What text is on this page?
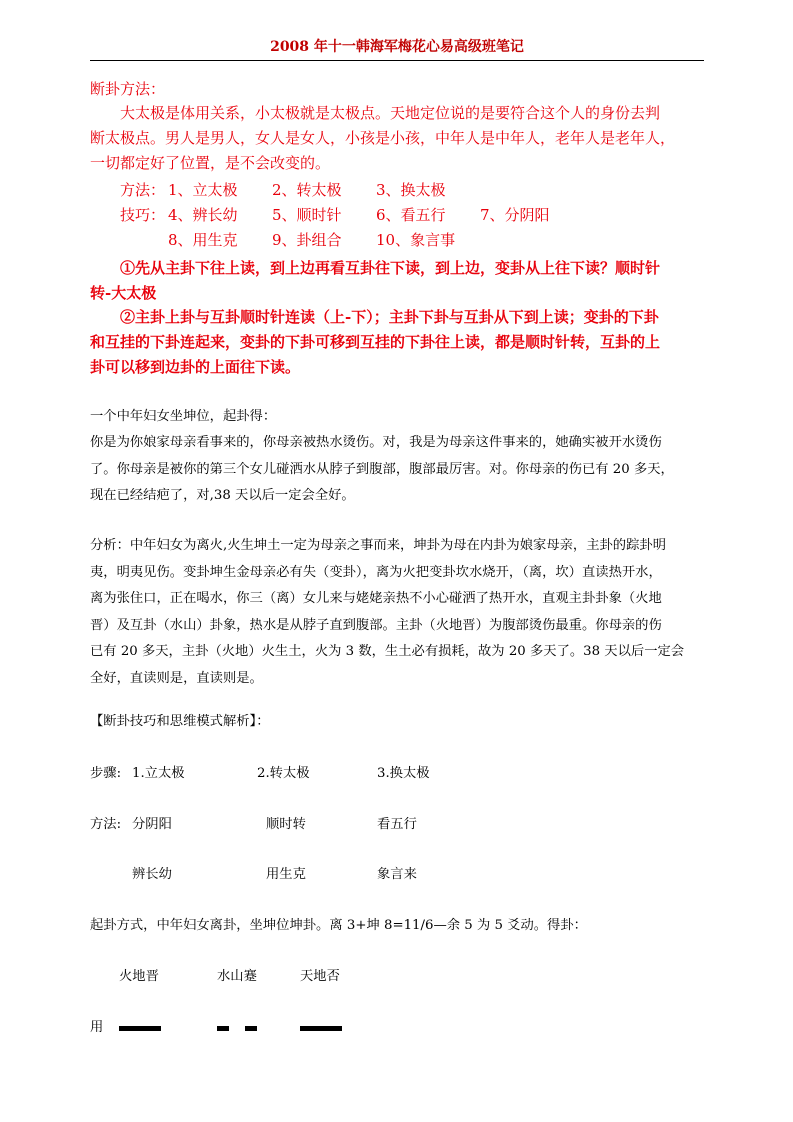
2008 年十一韩海军梅花心易高级班笔记

断卦方法：

大太极是体用关系，小太极就是太极点。天地定位说的是要符合这个人的身份去判
断太极点。男人是男人，女人是女人，小孩是小孩，中年人是中年人，老年人是老年人，
一切都定好了位置，是不会改变的。
方法： 1、立太极 2、转太极 3、换太极
技巧： 4、辨长幼 5、顺时针 6、看五行 7、分阴阳
8、用生克 9、卦组合 10、象言事
①先从主卦下往上读，到上边再看互卦往下读，到上边，变卦从上往下读？顺时针
转-大太极
②主卦上卦与互卦顺时针连读（上-下）；主卦下卦与互卦从下到上读；变卦的下卦
和互挂的下卦连起来，变卦的下卦可移到互挂的下卦往上读，都是顺时针转，互卦的上
卦可以移到边卦的上面往下读。
一个中年妇女坐坤位，起卦得：
你是为你娘家母亲看事来的，你母亲被热水烫伤。对，我是为母亲这件事来的，她确实被开水烫伤
了。你母亲是被你的第三个女儿碰洒水从脖子到腹部，腹部最厉害。对。你母亲的伤已有 20 多天，
现在已经结疤了，对,38 天以后一定会全好。
分析：中年妇女为离火,火生坤土一定为母亲之事而来，坤卦为母在内卦为娘家母亲，主卦的踪卦明
夷，明夷见伤。变卦坤生金母亲必有失（变卦），离为火把变卦坎水烧开，（离，坎）直读热开水，
离为张住口，正在喝水，你三（离）女儿来与姥姥亲热不小心碰洒了热开水，直观主卦卦象（火地
晋）及互卦（水山）卦象，热水是从脖子直到腹部。主卦（火地晋）为腹部烫伤最重。你母亲的伤
已有 20 多天，主卦（火地）火生土，火为 3 数，生土必有损耗，故为 20 多天了。38 天以后一定会
全好，直读则是，直读则是。
【断卦技巧和思维模式解析】：
步骤: 1.立太极	2.转太极	3.换太极
方法: 分阴阳	顺时转	看五行
辨长幼	用生克	象言来
起卦方式，中年妇女离卦，坐坤位坤卦。离 3+坤 8=11/6—余 5 为 5 爻动。得卦：
火地晋	水山蹇	天地否
用
